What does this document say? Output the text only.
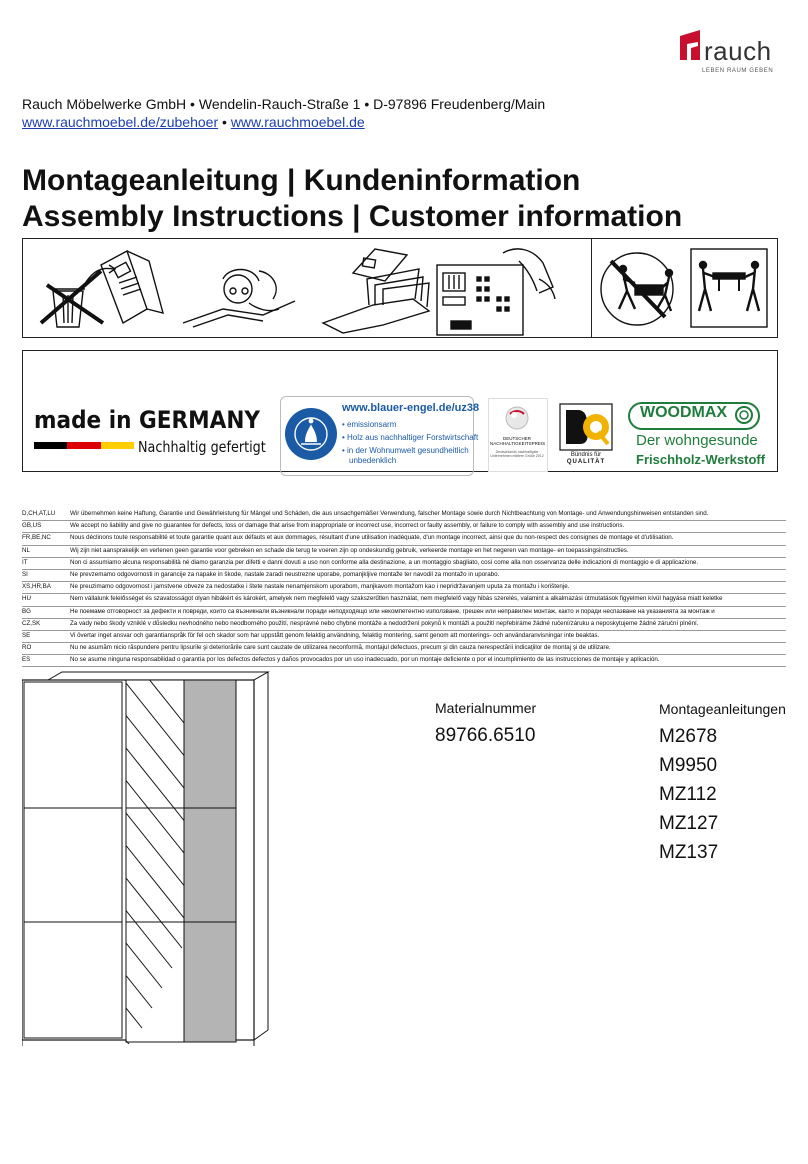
rauch
LEBEN RAUM GEBEN
Rauch Möbelwerke GmbH • Wendelin-Rauch-Straße 1 • D-97896 Freudenberg/Main
www.rauchmoebel.de/zubehoer • www.rauchmoebel.de
Montageanleitung | Kundeninformation
Assembly Instructions | Customer information
made in GERMANY
Nachhaltig gefertigt
www.blauer-engel.de/uz38
• emissionsarm
• Holz aus nachhaltiger Forstwirtschaft
• in der Wohnumwelt gesundheitlich
unbedenklich
DEUTSCHER NACHHALTIGKEITSPREIS
Deutschlands nachhaltigste Unternehmen mittlere Größe 2012	Bündnis für
QUALITÄT
WOODMAX
Der wohngesunde
Frischholz-Werkstoff
D,CH,AT,LU	Wir übernehmen keine Haftung, Garantie und Gewährleistung für Mängel und Schäden, die aus unsachgemäßer Verwendung, falscher Montage sowie durch Nichtbeachtung von Montage- und Anwendungshinweisen entstanden sind.
GB,US	We accept no liability and give no guarantee for defects, loss or damage that arise from inappropriate or incorrect use, incorrect or faulty assembly, or failure to comply with assembly and use instructions.
FR,BE,NC	Nous déclinons toute responsabilité et toute garantie quant aux défauts et aux dommages, résultant d'une utilisation inadéquate, d'un montage incorrect, ainsi que du non-respect des consignes de montage et d'utilisation.
NL	Wij zijn niet aansprakelijk en verlenen geen garantie voor gebreken en schade die terug te voeren zijn op ondeskundig gebruik, verkeerde montage en het negeren van montage- en toepassingsinstructies.
IT	Non ci assumiamo alcuna responsabilità né diamo garanzia per difetti e danni dovuti a uso non conforme alla destinazione, a un montaggio sbagliato, così come alla non osservanza delle indicazioni di montaggio e di applicazione.
SI	Ne prevzemamo odgovornosti in garancije za napake in škode, nastale zaradi neustrezne uporabe, pomanjkljive montaže ter navodil za montažo in uporabo.
XS,HR,BA	Ne preuzimamo odgovornost i jamstvene obveze za nedostatke i štete nastale nenamjenskom uporabom, manjkavom montažom kao i nepridržavanjem uputa za montažu i korištenje.
HU	Nem vállalunk felelősséget és szavatosságot olyan hibákért és károkért, amelyek nem megfelelő vagy szakszerűtlen használat, nem megfelelő vagy hibás szerelés, valamint a alkalmazási útmutatások figyelmen kívül hagyása miatt keletke
BG	Не поемаме отговорност за дефекти и повреди, които са възникнали възникнали поради неподходящо или некомпетентно използване, грешен или неправилен монтаж, както и поради неспазване на указанията за монтаж и
CZ,SK	Za vady nebo škody vzniklé v důsledku nevhodného nebo neodborného použití, nesprávné nebo chybné montáže a nedodržení pokynů k montáži a použití nepřebíráme žádné ručení/záruku a neposkytujeme žádné záruční plnění.
SE	Vi övertar inget ansvar och garantianspråk för fel och skador som har uppstått genom felaktig användning, felaktig montering, samt genom att monterings- och användaranvisningar inte beaktas.
RO	Nu ne asumăm nicio răspundere pentru lipsurile şi deteriorările care sunt cauzate de utilizarea neconformă, montajul defectuos, precum şi din cauza nerespectării indicaţiilor de montaj şi de utilizare.
ES	No se asume ninguna responsabilidad o garantía por los defectos defectos y daños provocados por un uso inadecuado, por un montaje deficiente o por el incumplimiento de las instrucciones de montaje y aplicación.
Materialnummer
89766.6510
Montageanleitungen
M2678
M9950
MZ112
MZ127
MZ137
